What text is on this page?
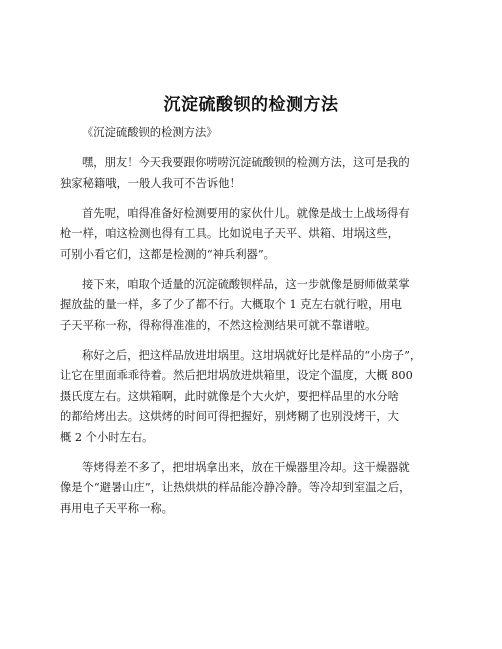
沉淀硫酸钡的检测方法

《沉淀硫酸钡的检测方法》

嘿，朋友！今天我要跟你唠唠沉淀硫酸钡的检测方法，这可是我的
独家秘籍哦，一般人我可不告诉他！

首先呢，咱得准备好检测要用的家伙什儿。就像是战士上战场得有
枪一样，咱这检测也得有工具。比如说电子天平、烘箱、坩埚这些，
可别小看它们，这都是检测的“神兵利器”。

接下来，咱取个适量的沉淀硫酸钡样品，这一步就像是厨师做菜掌
握放盐的量一样，多了少了都不行。大概取个 1 克左右就行啦，用电
子天平称一称，得称得准准的，不然这检测结果可就不靠谱啦。

称好之后，把这样品放进坩埚里。这坩埚就好比是样品的“小房子”，
让它在里面乖乖待着。然后把坩埚放进烘箱里，设定个温度，大概 800
摄氏度左右。这烘箱啊，此时就像是个大火炉，要把样品里的水分啥
的都给烤出去。这烘烤的时间可得把握好，别烤糊了也别没烤干，大
概 2 个小时左右。

等烤得差不多了，把坩埚拿出来，放在干燥器里冷却。这干燥器就
像是个“避暑山庄”，让热烘烘的样品能冷静冷静。等冷却到室温之后，
再用电子天平称一称。
